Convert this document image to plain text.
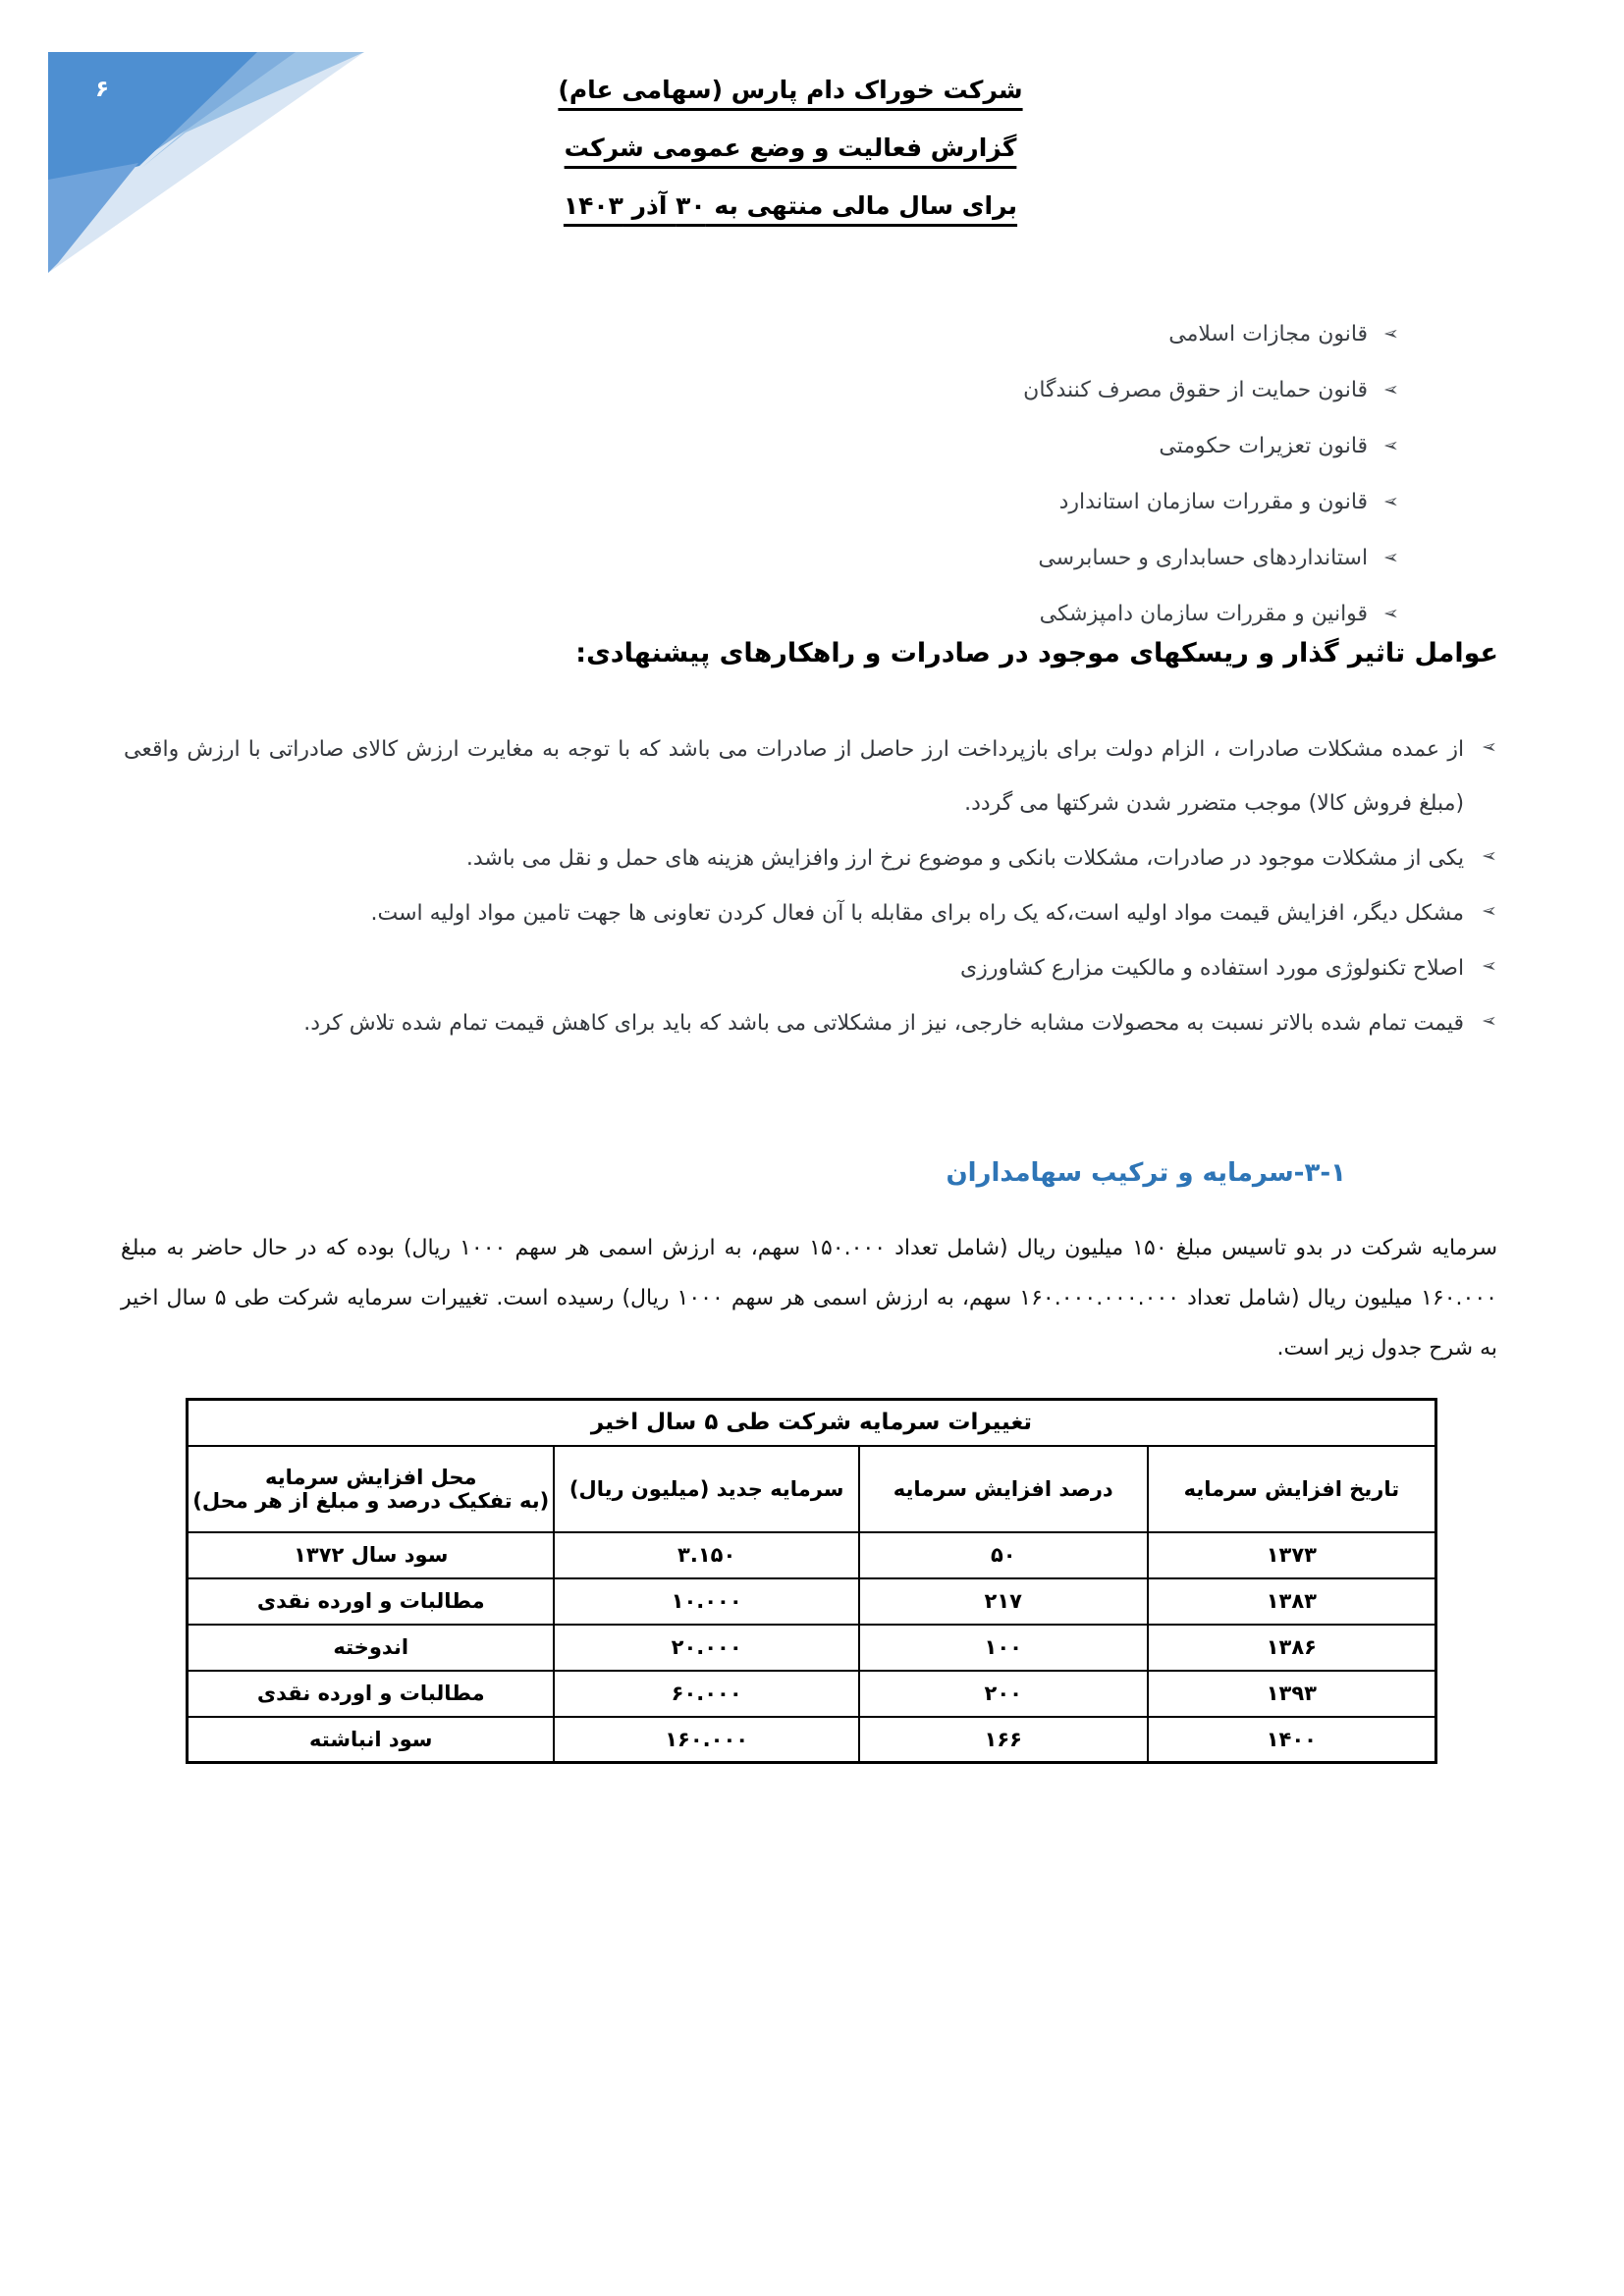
۶	شرکت خوراک دام پارس (سهامی عام)
گزارش فعالیت و وضع عمومی شرکت
برای سال مالی منتهی به ۳۰ آذر ۱۴۰۳
➢
قانون مجازات اسلامی
➢
قانون حمایت از حقوق مصرف کنندگان
➢
قانون تعزیرات حکومتی
➢
قانون و مقررات سازمان استاندارد
➢
استانداردهای حسابداری و حسابرسی
➢
قوانین و مقررات سازمان دامپزشکی
عوامل تاثیر گذار و ریسکهای موجود در صادرات و راهکارهای پیشنهادی:
➢
از عمده مشکلات صادرات ، الزام دولت برای بازپرداخت ارز حاصل از صادرات می باشد که با توجه به مغایرت ارزش کالای صادراتی با ارزش واقعی (مبلغ فروش کالا) موجب متضرر شدن شرکتها می گردد.
➢
یکی از مشکلات موجود در صادرات، مشکلات بانکی و موضوع نرخ ارز وافزایش هزینه های حمل و نقل می باشد.
➢
مشکل دیگر، افزایش قیمت مواد اولیه است،که یک راه برای مقابله با آن فعال کردن تعاونی ها جهت تامین مواد اولیه است.
➢
اصلاح تکنولوژی مورد استفاده و مالکیت مزارع کشاورزی
➢
قیمت تمام شده بالاتر نسبت به محصولات مشابه خارجی، نیز از مشکلاتی می باشد که باید برای کاهش قیمت تمام شده تلاش کرد.
۳-۱-سرمایه و ترکیب سهامداران
سرمایه شرکت در بدو تاسیس مبلغ ۱۵۰ میلیون ریال (شامل تعداد ۱۵۰.۰۰۰ سهم، به ارزش اسمی هر سهم ۱۰۰۰ ریال) بوده که در حال حاضر به مبلغ ۱۶۰.۰۰۰ میلیون ریال (شامل تعداد ۱۶۰.۰۰۰.۰۰۰.۰۰۰ سهم، به ارزش اسمی هر سهم ۱۰۰۰ ریال) رسیده است. تغییرات سرمایه شرکت طی ۵ سال اخیر به شرح جدول زیر است.
تغییرات سرمایه شرکت طی ۵ سال اخیر			
تاریخ افزایش سرمایه	درصد افزایش سرمایه	سرمایه جدید (میلیون ریال)	محل افزایش سرمایه
(به تفکیک درصد و مبلغ از هر محل)

۱۳۷۳	۵۰	۳.۱۵۰	سود سال ۱۳۷۲
۱۳۸۳	۲۱۷	۱۰.۰۰۰	مطالبات و اورده نقدی
۱۳۸۶	۱۰۰	۲۰.۰۰۰	اندوخته
۱۳۹۳	۲۰۰	۶۰.۰۰۰	مطالبات و اورده نقدی
۱۴۰۰	۱۶۶	۱۶۰.۰۰۰	سود انباشته
